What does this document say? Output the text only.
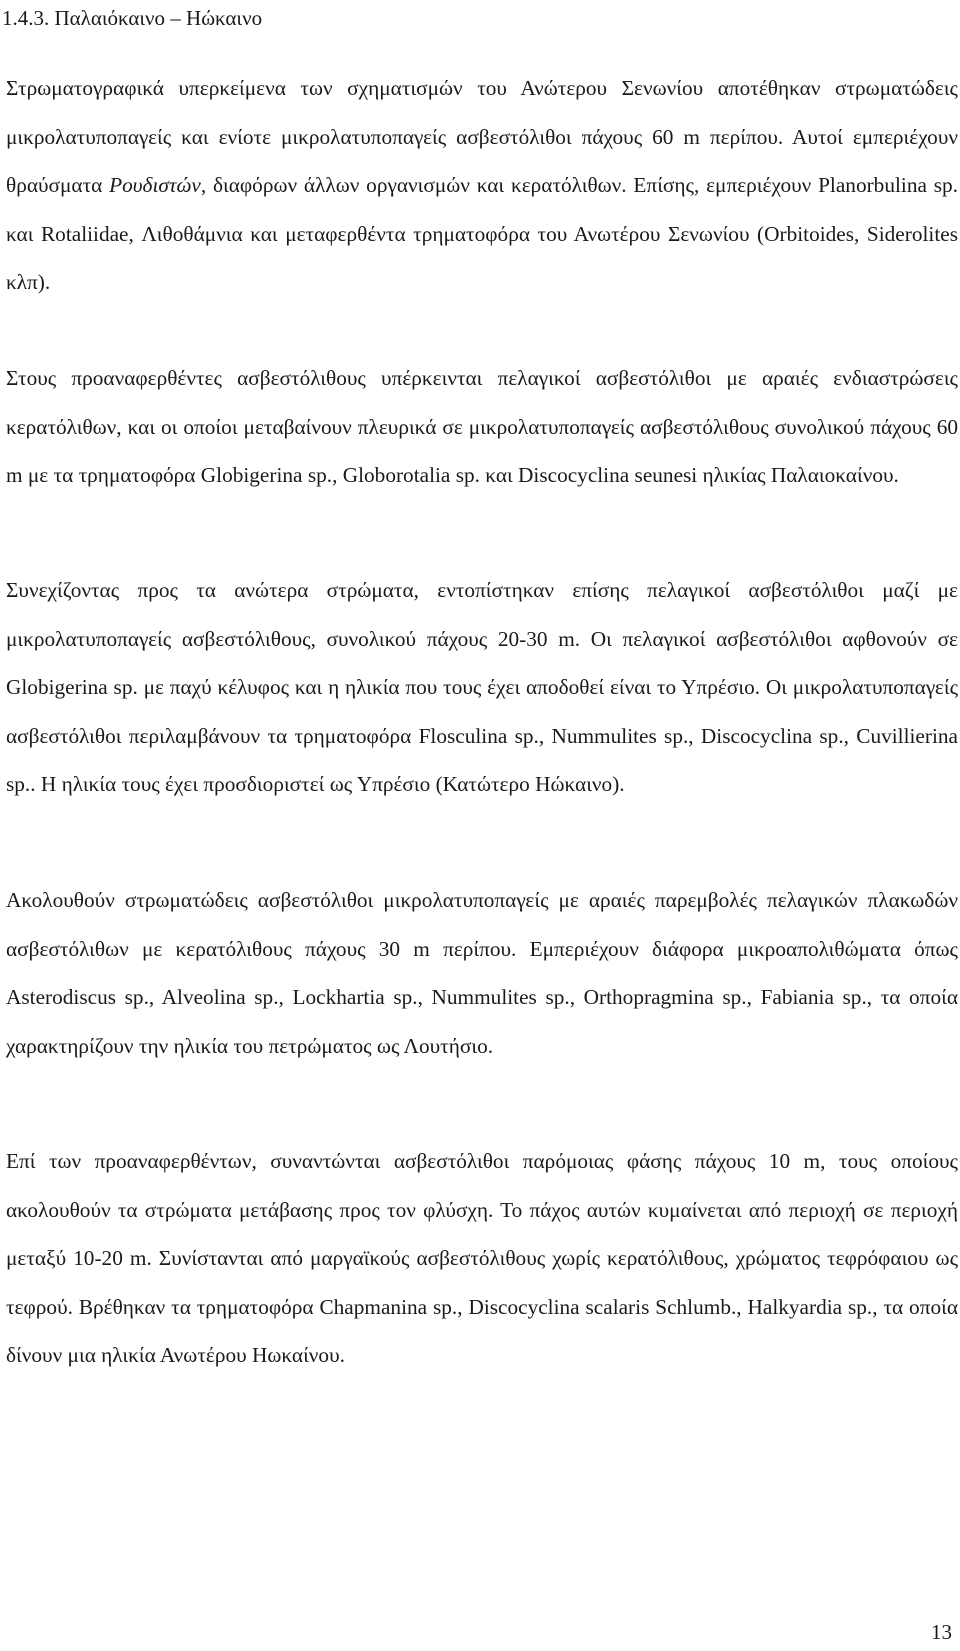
1.4.3. Παλαιόκαινο – Ηώκαινο

Στρωματογραφικά υπερκείμενα των σχηματισμών του Ανώτερου Σενωνίου αποτέθηκαν στρωματώδεις μικρολατυποπαγείς και ενίοτε μικρολατυποπαγείς ασβεστόλιθοι πάχους 60 m περίπου. Αυτοί εμπεριέχουν θραύσματα Ρουδιστών, διαφόρων άλλων οργανισμών και κερατόλιθων. Επίσης, εμπεριέχουν Planorbulina sp. και Rotaliidae, Λιθοθάμνια και μεταφερθέντα τρηματοφόρα του Ανωτέρου Σενωνίου (Orbitoides, Siderolites κλπ).

Στους προαναφερθέντες ασβεστόλιθους υπέρκεινται πελαγικοί ασβεστόλιθοι με αραιές ενδιαστρώσεις κερατόλιθων, και οι οποίοι μεταβαίνουν πλευρικά σε μικρολατυποπαγείς ασβεστόλιθους συνολικού πάχους 60 m με τα τρηματοφόρα Globigerina sp., Globorotalia sp. και Discocyclina seunesi ηλικίας Παλαιοκαίνου.

Συνεχίζοντας προς τα ανώτερα στρώματα, εντοπίστηκαν επίσης πελαγικοί ασβεστόλιθοι μαζί με μικρολατυποπαγείς ασβεστόλιθους, συνολικού πάχους 20-30 m. Οι πελαγικοί ασβεστόλιθοι αφθονούν σε Globigerina sp. με παχύ κέλυφος και η ηλικία που τους έχει αποδοθεί είναι το Υπρέσιο. Οι μικρολατυποπαγείς ασβεστόλιθοι περιλαμβάνουν τα τρηματοφόρα Flosculina sp., Nummulites sp., Discocyclina sp., Cuvillierina sp.. Η ηλικία τους έχει προσδιοριστεί ως Υπρέσιο (Κατώτερο Ηώκαινο).

Ακολουθούν στρωματώδεις ασβεστόλιθοι μικρολατυποπαγείς με αραιές παρεμβολές πελαγικών πλακωδών ασβεστόλιθων με κερατόλιθους πάχους 30 m περίπου. Εμπεριέχουν διάφορα μικροαπολιθώματα όπως Asterodiscus sp., Alveolina sp., Lockhartia sp., Nummulites sp., Orthopragmina sp., Fabiania sp., τα οποία χαρακτηρίζουν την ηλικία του πετρώματος ως Λουτήσιο.

Επί των προαναφερθέντων, συναντώνται ασβεστόλιθοι παρόμοιας φάσης πάχους 10 m, τους οποίους ακολουθούν τα στρώματα μετάβασης προς τον φλύσχη. Το πάχος αυτών κυμαίνεται από περιοχή σε περιοχή μεταξύ 10-20 m. Συνίστανται από μαργαϊκούς ασβεστόλιθους χωρίς κερατόλιθους, χρώματος τεφρόφαιου ως τεφρού. Βρέθηκαν τα τρηματοφόρα Chapmanina sp., Discocyclina scalaris Schlumb., Halkyardia sp., τα οποία δίνουν μια ηλικία Ανωτέρου Ηωκαίνου.

13
